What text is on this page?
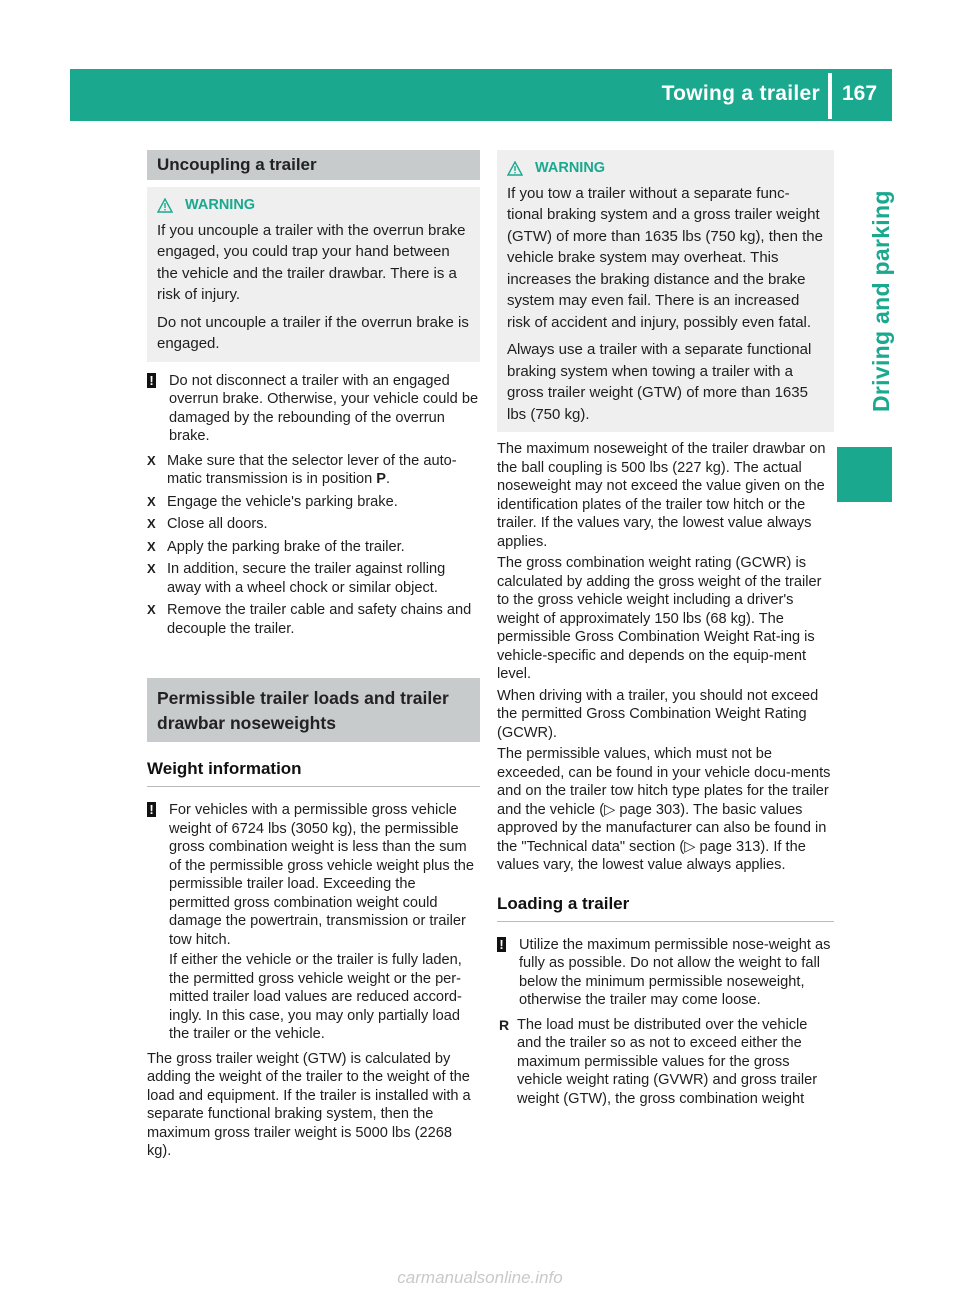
Towing a trailer 167
Driving and parking
Uncoupling a trailer
WARNING

If you uncouple a trailer with the overrun brake engaged, you could trap your hand between the vehicle and the trailer drawbar. There is a risk of injury.

Do not uncouple a trailer if the overrun brake is engaged.

! Do not disconnect a trailer with an engaged overrun brake. Otherwise, your vehicle could be damaged by the rebounding of the overrun brake.

X Make sure that the selector lever of the auto-matic transmission is in position P.
X Engage the vehicle's parking brake.
X Close all doors.
X Apply the parking brake of the trailer.
X In addition, secure the trailer against rolling away with a wheel chock or similar object.
X Remove the trailer cable and safety chains and decouple the trailer.
Permissible trailer loads and trailer drawbar noseweights
Weight information
! For vehicles with a permissible gross vehicle weight of 6724 lbs (3050 kg), the permissible gross combination weight is less than the sum of the permissible gross vehicle weight plus the permissible trailer load. Exceeding the permitted gross combination weight could damage the powertrain, transmission or trailer tow hitch.

If either the vehicle or the trailer is fully laden, the permitted gross vehicle weight or the per-mitted trailer load values are reduced accord-ingly. In this case, you may only partially load the trailer or the vehicle.

The gross trailer weight (GTW) is calculated by adding the weight of the trailer to the weight of the load and equipment. If the trailer is installed with a separate functional braking system, then the maximum gross trailer weight is 5000 lbs (2268 kg).

WARNING

If you tow a trailer without a separate func-tional braking system and a gross trailer weight (GTW) of more than 1635 lbs (750 kg), then the vehicle brake system may overheat. This increases the braking distance and the brake system may even fail. There is an increased risk of accident and injury, possibly even fatal.

Always use a trailer with a separate functional braking system when towing a trailer with a gross trailer weight (GTW) of more than 1635 lbs (750 kg).

The maximum noseweight of the trailer drawbar on the ball coupling is 500 lbs (227 kg). The actual noseweight may not exceed the value given on the identification plates of the trailer tow hitch or the trailer. If the values vary, the lowest value always applies.

The gross combination weight rating (GCWR) is calculated by adding the gross weight of the trailer to the gross vehicle weight including a driver's weight of approximately 150 lbs (68 kg). The permissible Gross Combination Weight Rat-ing is vehicle-specific and depends on the equip-ment level.

When driving with a trailer, you should not exceed the permitted Gross Combination Weight Rating (GCWR).

The permissible values, which must not be exceeded, can be found in your vehicle docu-ments and on the trailer tow hitch type plates for the trailer and the vehicle (▷ page 303). The basic values approved by the manufacturer can also be found in the "Technical data" section (▷ page 313). If the values vary, the lowest value always applies.

Loading a trailer
! Utilize the maximum permissible nose-weight as fully as possible. Do not allow the weight to fall below the minimum permissible noseweight, otherwise the trailer may come loose.

R The load must be distributed over the vehicle and the trailer so as not to exceed either the maximum permissible values for the gross vehicle weight rating (GVWR) and gross trailer weight (GTW), the gross combination weight
carmanualsonline.info
